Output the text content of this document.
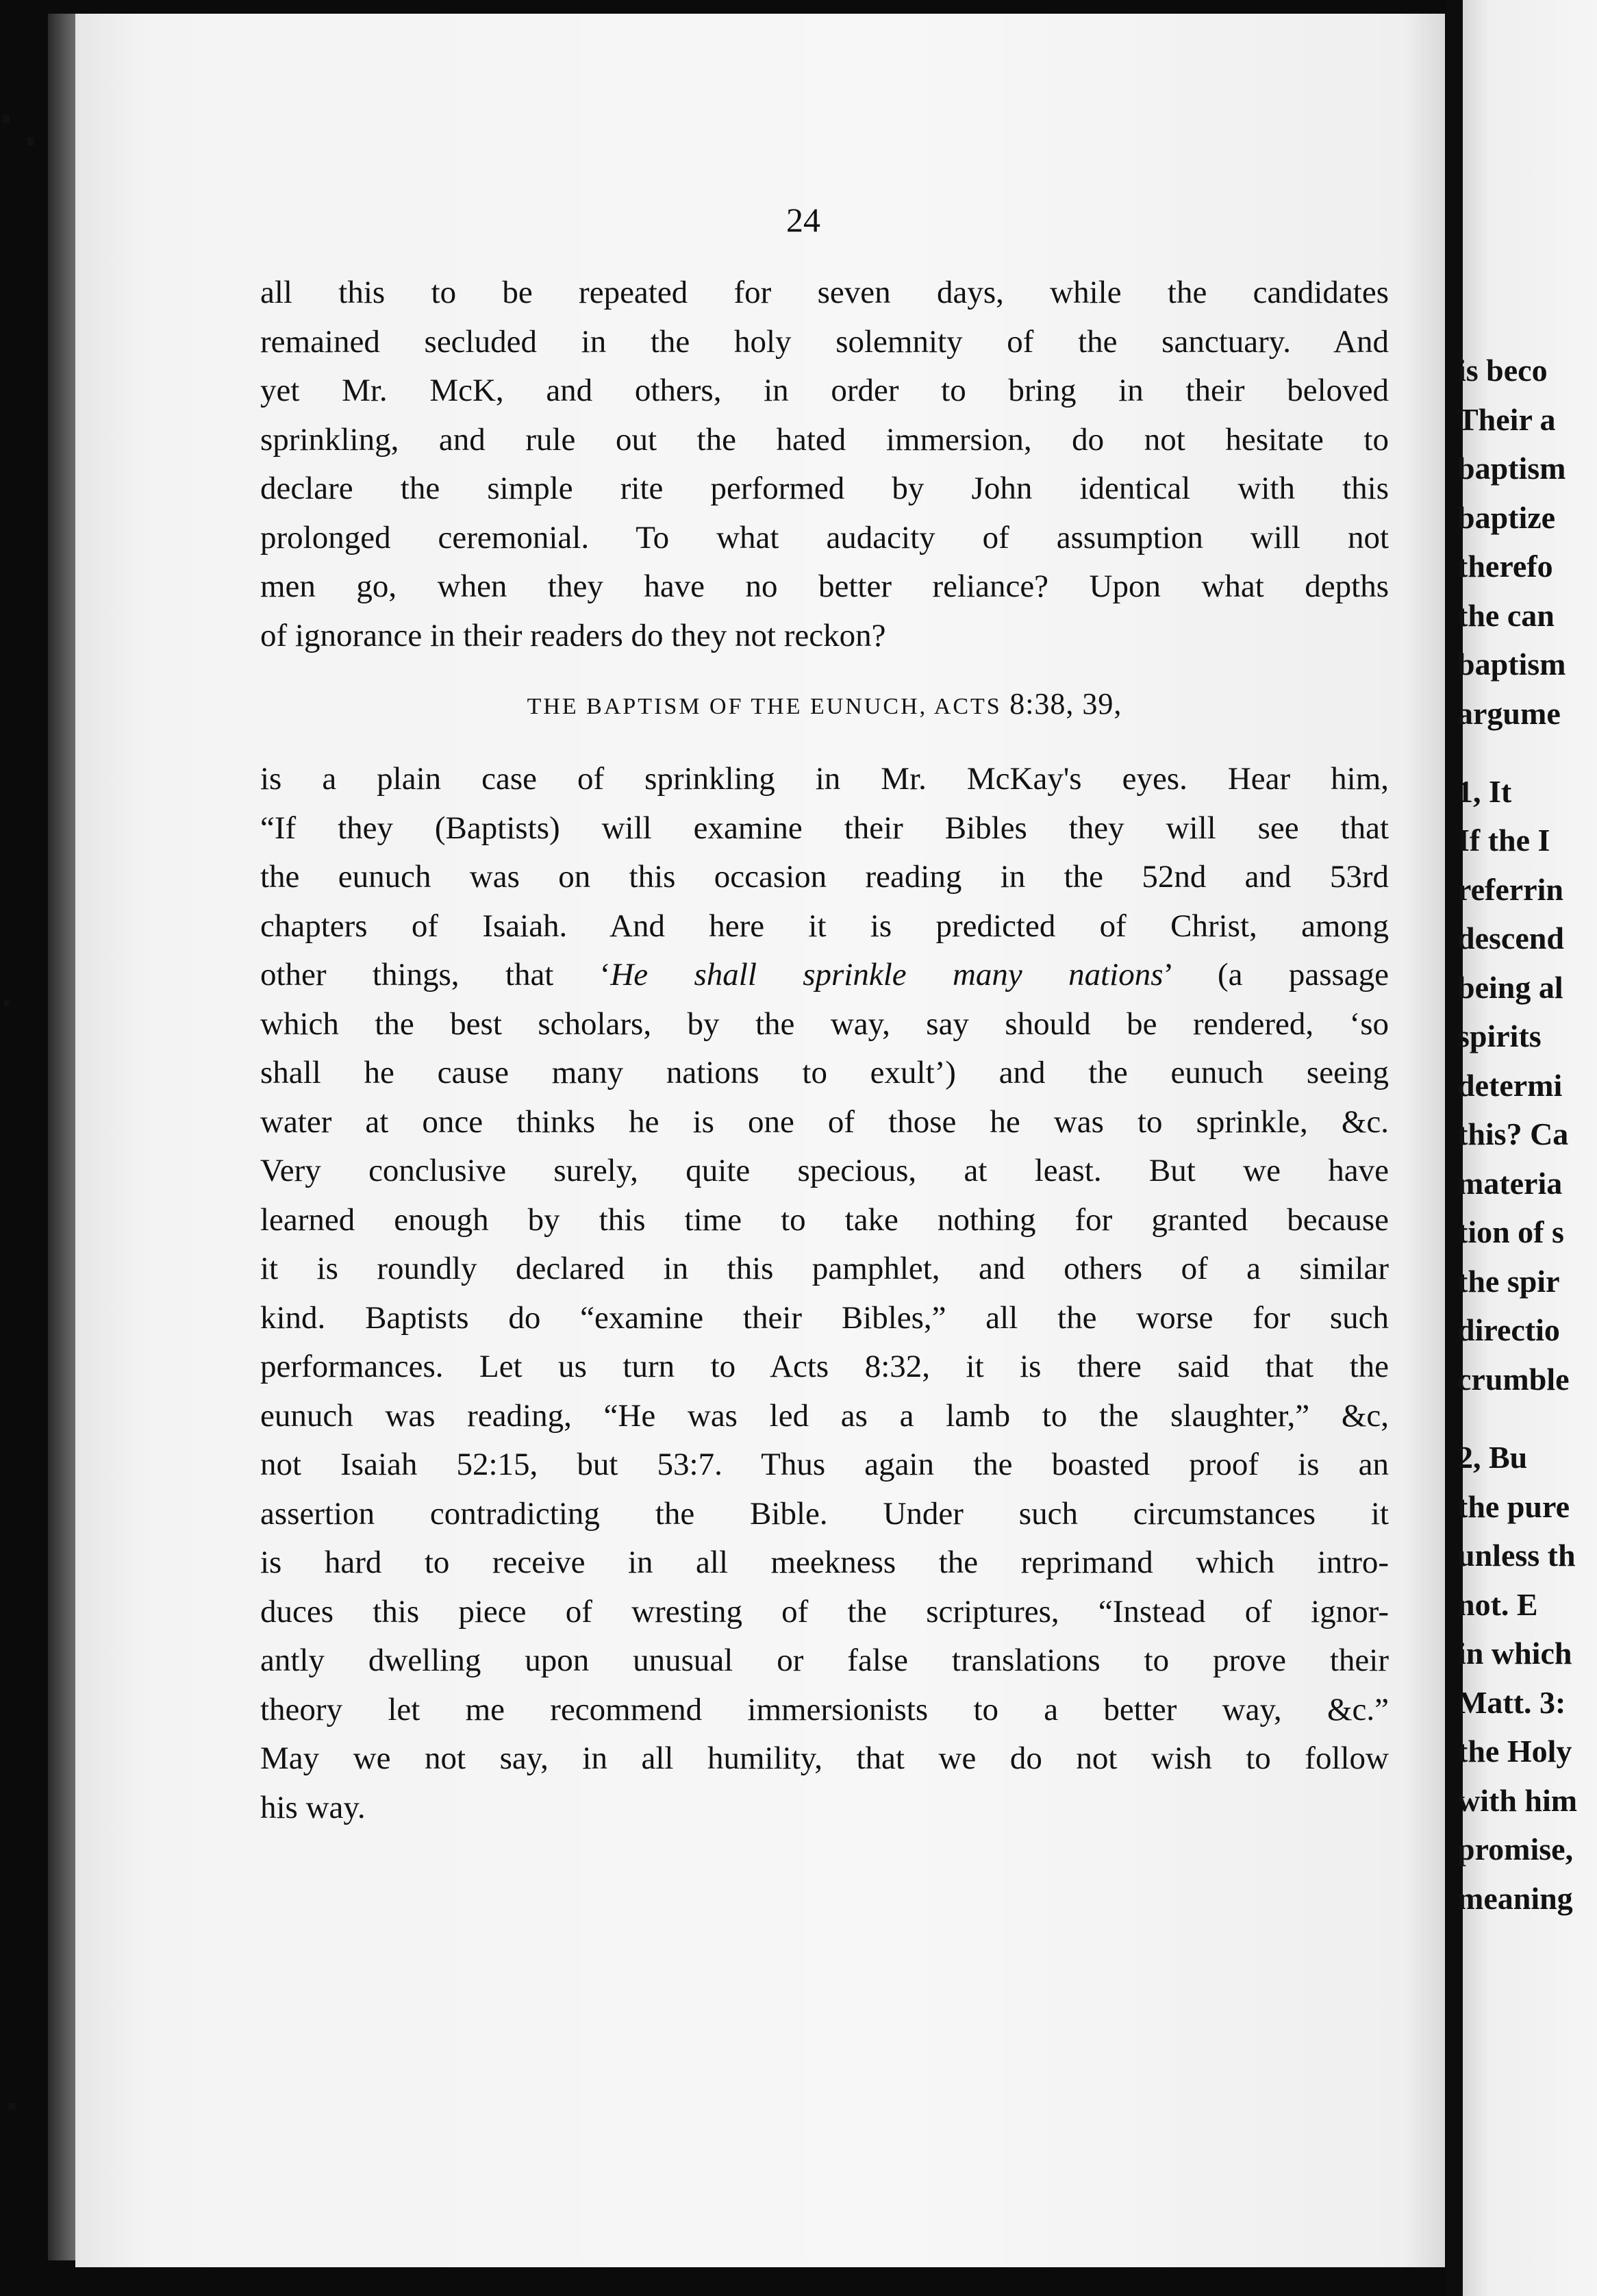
24

all this to be repeated for seven days, while the candidates
remained secluded in the holy solemnity of the sanctuary. And
yet Mr. McK, and others, in order to bring in their beloved
sprinkling, and rule out the hated immersion, do not hesitate to
declare the simple rite performed by John identical with this
prolonged ceremonial. To what audacity of assumption will not
men go, when they have no better reliance? Upon what depths
of ignorance in their readers do they not reckon?

THE BAPTISM OF THE EUNUCH, ACTS 8:38, 39,

is a plain case of sprinkling in Mr. McKay's eyes. Hear him,
“If they (Baptists) will examine their Bibles they will see that
the eunuch was on this occasion reading in the 52nd and 53rd
chapters of Isaiah. And here it is predicted of Christ, among

other things, that ‘He shall sprinkle many nations’ (a passage

which the best scholars, by the way, say should be rendered, ‘so
shall he cause many nations to exult’) and the eunuch seeing
water at once thinks he is one of those he was to sprinkle, &c.
Very conclusive surely, quite specious, at least. But we have
learned enough by this time to take nothing for granted because
it is roundly declared in this pamphlet, and others of a similar
kind. Baptists do “examine their Bibles,” all the worse for such
performances. Let us turn to Acts 8:32, it is there said that the
eunuch was reading, “He was led as a lamb to the slaughter,” &c,
not Isaiah 52:15, but 53:7. Thus again the boasted proof is an
assertion contradicting the Bible. Under such circumstances it
is hard to receive in all meekness the reprimand which intro-
duces this piece of wresting of the scriptures, “Instead of ignor-
antly dwelling upon unusual or false translations to prove their
theory let me recommend immersionists to a better way, &c.”
May we not say, in all humility, that we do not wish to follow
his way.

is beco
Their a
baptism
baptize
therefo
the can
baptism
argume
1, It
If the I
referrin
descend
being al
spirits
determi
this? Ca
materia
tion of s
the spir
directio
crumble
2, Bu
the pure
unless th
not. E
in which
Matt. 3:
the Holy
with him
promise,
meaning
